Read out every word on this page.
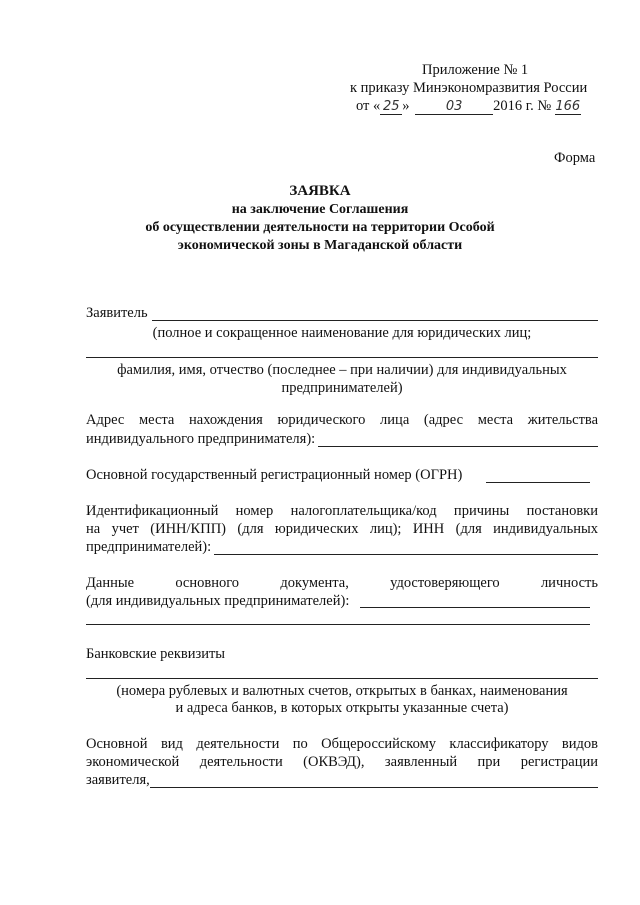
Приложение № 1
к приказу Минэкономразвития России
от « 25 »	03 2016 г. № 166
Форма
ЗАЯВКА
на заключение Соглашения
об осуществлении деятельности на территории Особой
экономической зоны в Магаданской области
Заявитель
(полное и сокращенное наименование для юридических лиц;
фамилия, имя, отчество (последнее – при наличии) для индивидуальных
предпринимателей)
Адрес места нахождения юридического лица (адрес места жительства
индивидуального предпринимателя):
Основной государственный регистрационный номер (ОГРН)
Идентификационный номер налогоплательщика/код причины постановки
на учет (ИНН/КПП) (для юридических лиц); ИНН (для индивидуальных
предпринимателей):
Данные основного документа, удостоверяющего личность
(для индивидуальных предпринимателей):
Банковские реквизиты
(номера рублевых и валютных счетов, открытых в банках, наименования
и адреса банков, в которых открыты указанные счета)
Основной вид деятельности по Общероссийскому классификатору видов
экономической деятельности (ОКВЭД), заявленный при регистрации
заявителя,
